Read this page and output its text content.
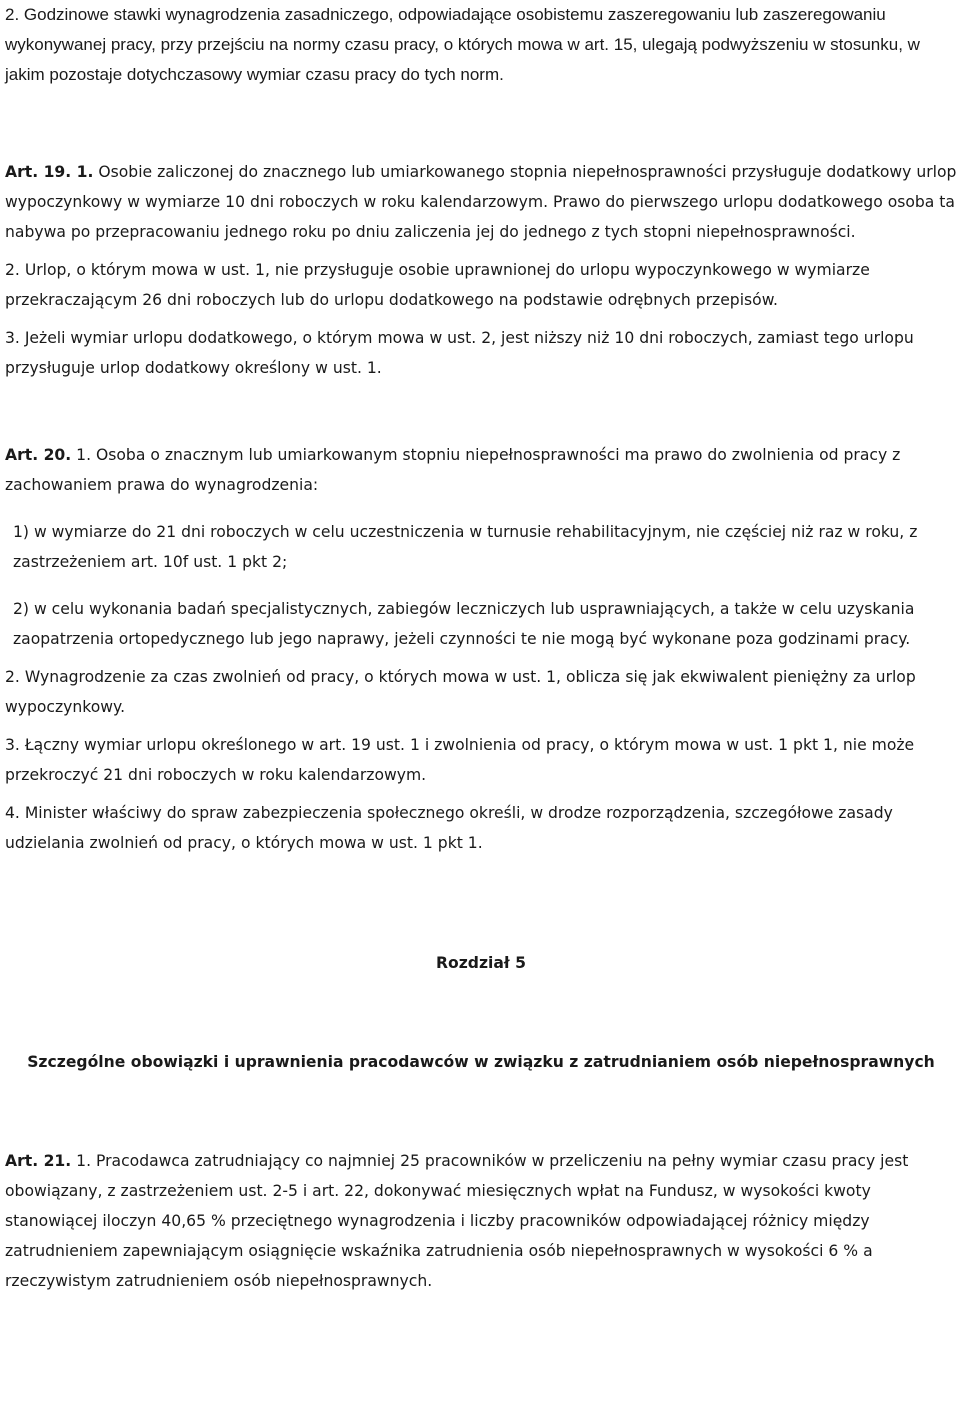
2. Godzinowe stawki wynagrodzenia zasadniczego, odpowiadające osobistemu zaszeregowaniu lub zaszeregowaniu wykonywanej pracy, przy przejściu na normy czasu pracy, o których mowa w art. 15, ulegają podwyższeniu w stosunku, w jakim pozostaje dotychczasowy wymiar czasu pracy do tych norm.

Art. 19. 1. Osobie zaliczonej do znacznego lub umiarkowanego stopnia niepełnosprawności przysługuje dodatkowy urlop wypoczynkowy w wymiarze 10 dni roboczych w roku kalendarzowym. Prawo do pierwszego urlopu dodatkowego osoba ta nabywa po przepracowaniu jednego roku po dniu zaliczenia jej do jednego z tych stopni niepełnosprawności.

2. Urlop, o którym mowa w ust. 1, nie przysługuje osobie uprawnionej do urlopu wypoczynkowego w wymiarze przekraczającym 26 dni roboczych lub do urlopu dodatkowego na podstawie odrębnych przepisów.

3. Jeżeli wymiar urlopu dodatkowego, o którym mowa w ust. 2, jest niższy niż 10 dni roboczych, zamiast tego urlopu przysługuje urlop dodatkowy określony w ust. 1.

Art. 20. 1. Osoba o znacznym lub umiarkowanym stopniu niepełnosprawności ma prawo do zwolnienia od pracy z zachowaniem prawa do wynagrodzenia:

1) w wymiarze do 21 dni roboczych w celu uczestniczenia w turnusie rehabilitacyjnym, nie częściej niż raz w roku, z zastrzeżeniem art. 10f ust. 1 pkt 2;

2) w celu wykonania badań specjalistycznych, zabiegów leczniczych lub usprawniających, a także w celu uzyskania zaopatrzenia ortopedycznego lub jego naprawy, jeżeli czynności te nie mogą być wykonane poza godzinami pracy.

2. Wynagrodzenie za czas zwolnień od pracy, o których mowa w ust. 1, oblicza się jak ekwiwalent pieniężny za urlop wypoczynkowy.

3. Łączny wymiar urlopu określonego w art. 19 ust. 1 i zwolnienia od pracy, o którym mowa w ust. 1 pkt 1, nie może przekroczyć 21 dni roboczych w roku kalendarzowym.

4. Minister właściwy do spraw zabezpieczenia społecznego określi, w drodze rozporządzenia, szczegółowe zasady udzielania zwolnień od pracy, o których mowa w ust. 1 pkt 1.

Rozdział 5

Szczególne obowiązki i uprawnienia pracodawców w związku z zatrudnianiem osób niepełnosprawnych

Art. 21. 1. Pracodawca zatrudniający co najmniej 25 pracowników w przeliczeniu na pełny wymiar czasu pracy jest obowiązany, z zastrzeżeniem ust. 2-5 i art. 22, dokonywać miesięcznych wpłat na Fundusz, w wysokości kwoty stanowiącej iloczyn 40,65 % przeciętnego wynagrodzenia i liczby pracowników odpowiadającej różnicy między zatrudnieniem zapewniającym osiągnięcie wskaźnika zatrudnienia osób niepełnosprawnych w wysokości 6 % a rzeczywistym zatrudnieniem osób niepełnosprawnych.
